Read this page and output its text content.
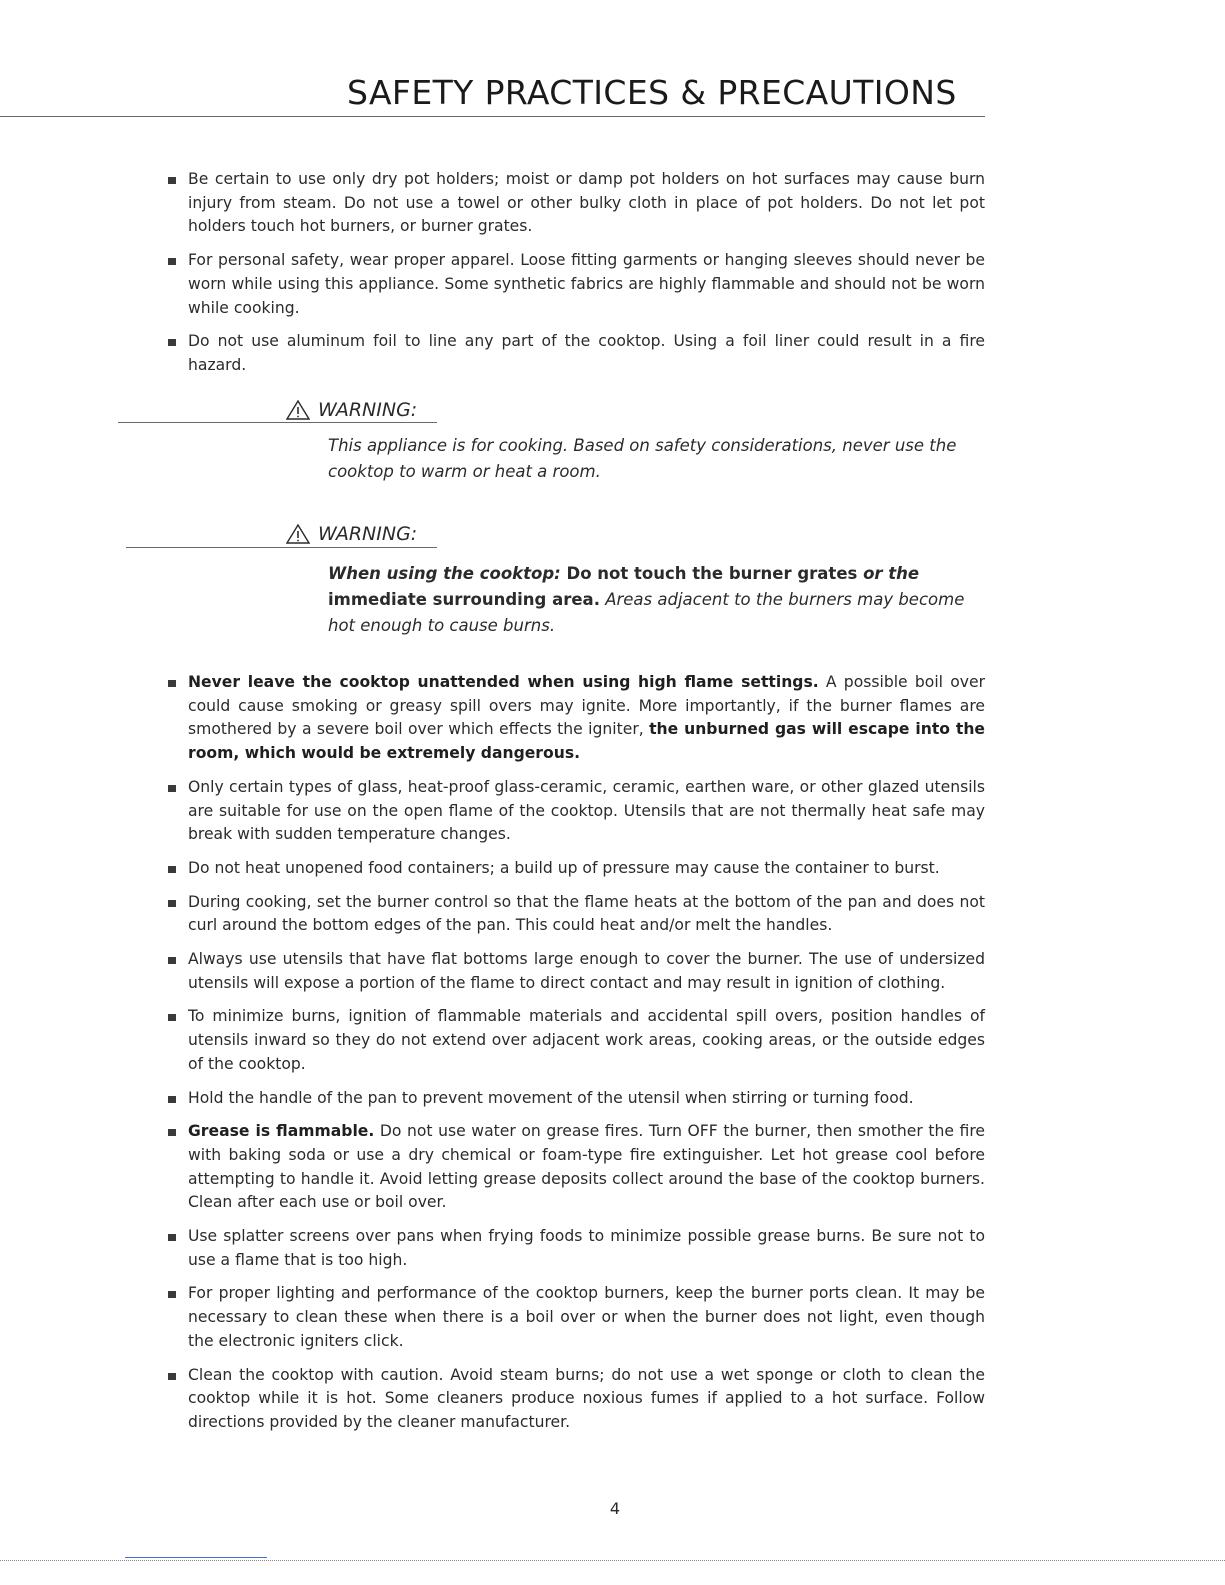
SAFETY PRACTICES & PRECAUTIONS
Be certain to use only dry pot holders; moist or damp pot holders on hot surfaces may cause burn injury from steam. Do not use a towel or other bulky cloth in place of pot holders. Do not let pot holders touch hot burners, or burner grates.
For personal safety, wear proper apparel. Loose fitting garments or hanging sleeves should never be worn while using this appliance. Some synthetic fabrics are highly flammable and should not be worn while cooking.
Do not use aluminum foil to line any part of the cooktop. Using a foil liner could result in a fire hazard.
WARNING:
This appliance is for cooking. Based on safety considerations, never use the cooktop to warm or heat a room.
WARNING:
When using the cooktop: Do not touch the burner grates or the immediate surrounding area. Areas adjacent to the burners may become hot enough to cause burns.
Never leave the cooktop unattended when using high flame settings. A possible boil over could cause smoking or greasy spill overs may ignite. More importantly, if the burner flames are smothered by a severe boil over which effects the igniter, the unburned gas will escape into the room, which would be extremely dangerous.
Only certain types of glass, heat-proof glass-ceramic, ceramic, earthen ware, or other glazed utensils are suitable for use on the open flame of the cooktop. Utensils that are not thermally heat safe may break with sudden temperature changes.
Do not heat unopened food containers; a build up of pressure may cause the container to burst.
During cooking, set the burner control so that the flame heats at the bottom of the pan and does not curl around the bottom edges of the pan. This could heat and/or melt the handles.
Always use utensils that have flat bottoms large enough to cover the burner. The use of undersized utensils will expose a portion of the flame to direct contact and may result in ignition of clothing.
To minimize burns, ignition of flammable materials and accidental spill overs, position handles of utensils inward so they do not extend over adjacent work areas, cooking areas, or the outside edges of the cooktop.
Hold the handle of the pan to prevent movement of the utensil when stirring or turning food.
Grease is flammable. Do not use water on grease fires. Turn OFF the burner, then smother the fire with baking soda or use a dry chemical or foam-type fire extinguisher. Let hot grease cool before attempting to handle it. Avoid letting grease deposits collect around the base of the cooktop burners. Clean after each use or boil over.
Use splatter screens over pans when frying foods to minimize possible grease burns. Be sure not to use a flame that is too high.
For proper lighting and performance of the cooktop burners, keep the burner ports clean. It may be necessary to clean these when there is a boil over or when the burner does not light, even though the electronic igniters click.
Clean the cooktop with caution. Avoid steam burns; do not use a wet sponge or cloth to clean the cooktop while it is hot. Some cleaners produce noxious fumes if applied to a hot surface. Follow directions provided by the cleaner manufacturer.
4
